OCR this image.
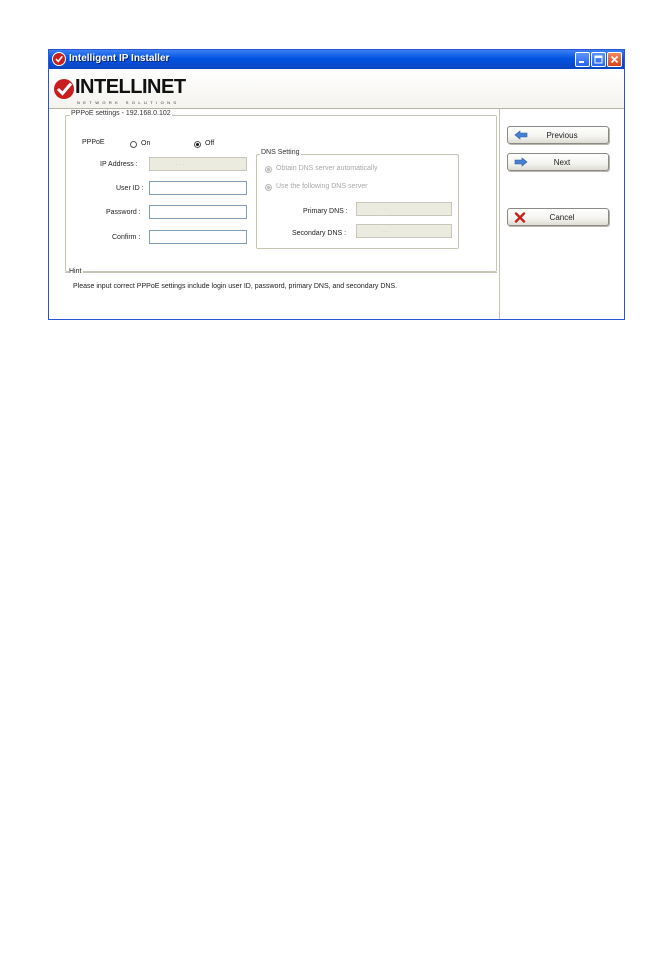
Intelligent IP Installer
INTELLINET
NETWORK SOLUTIONS
PPPoE settings - 192.168.0.102
PPPoE	On	Off
IP Address :	. . .
User ID :
Password :
Confirm :
DNS Setting
Obtain DNS server automatically
Use the following DNS server
Primary DNS :	. . .
Secondary DNS :	. . .
Hint
Please input correct PPPoE settings include login user ID, password, primary DNS, and secondary DNS.
Previous
Next
Cancel
